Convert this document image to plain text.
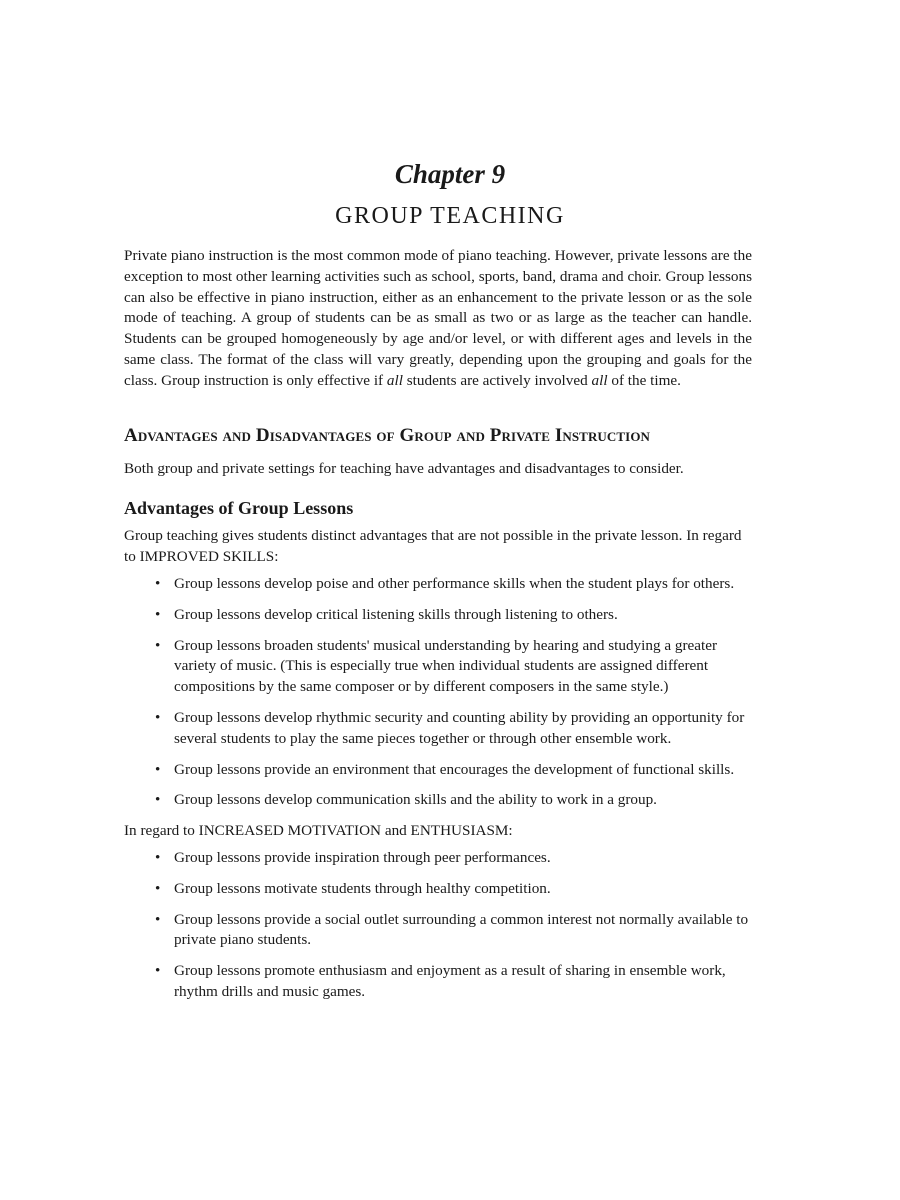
Chapter 9
GROUP TEACHING

Private piano instruction is the most common mode of piano teaching. However, private lessons are the exception to most other learning activities such as school, sports, band, drama and choir. Group lessons can also be effective in piano instruction, either as an enhancement to the private lesson or as the sole mode of teaching. A group of students can be as small as two or as large as the teacher can handle. Students can be grouped homogeneously by age and/or level, or with different ages and levels in the same class. The format of the class will vary greatly, depending upon the grouping and goals for the class. Group instruction is only effective if all students are actively involved all of the time.

Advantages and Disadvantages of Group and Private Instruction

Both group and private settings for teaching have advantages and disadvantages to consider.

Advantages of Group Lessons

Group teaching gives students distinct advantages that are not possible in the private lesson. In regard to IMPROVED SKILLS:

• Group lessons develop poise and other performance skills when the student plays for others.
• Group lessons develop critical listening skills through listening to others.
• Group lessons broaden students' musical understanding by hearing and studying a greater variety of music. (This is especially true when individual students are assigned different compositions by the same composer or by different composers in the same style.)
• Group lessons develop rhythmic security and counting ability by providing an opportunity for several students to play the same pieces together or through other ensemble work.
• Group lessons provide an environment that encourages the development of functional skills.
• Group lessons develop communication skills and the ability to work in a group.

In regard to INCREASED MOTIVATION and ENTHUSIASM:

• Group lessons provide inspiration through peer performances.
• Group lessons motivate students through healthy competition.
• Group lessons provide a social outlet surrounding a common interest not normally available to private piano students.
• Group lessons promote enthusiasm and enjoyment as a result of sharing in ensemble work, rhythm drills and music games.
